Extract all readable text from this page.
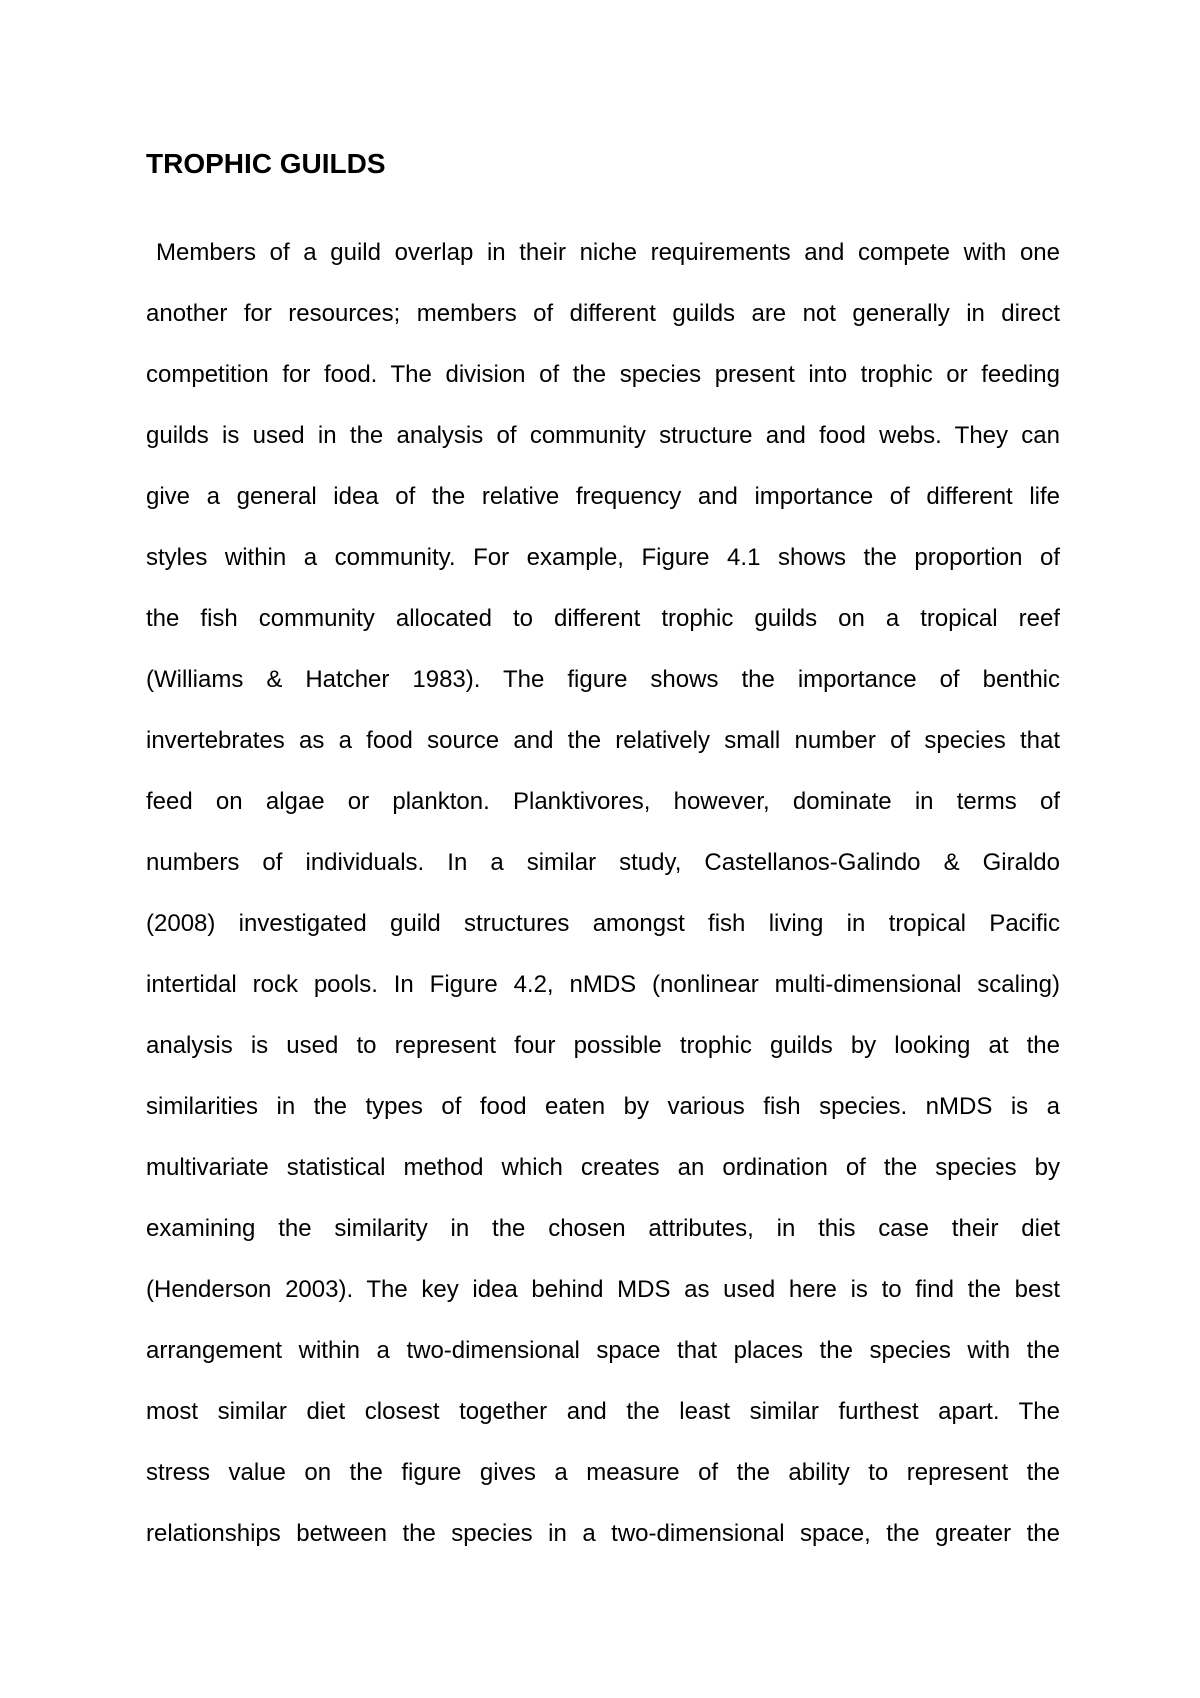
TROPHIC GUILDS

Members of a guild overlap in their niche requirements and compete with one

another for resources; members of different guilds are not generally in direct

competition for food. The division of the species present into trophic or feeding

guilds is used in the analysis of community structure and food webs. They can

give a general idea of the relative frequency and importance of different life

styles within a community. For example, Figure 4.1 shows the proportion of

the fish community allocated to different trophic guilds on a tropical reef

(Williams & Hatcher 1983). The figure shows the importance of benthic

invertebrates as a food source and the relatively small number of species that

feed on algae or plankton. Planktivores, however, dominate in terms of

numbers of individuals. In a similar study, Castellanos-Galindo & Giraldo

(2008) investigated guild structures amongst fish living in tropical Pacific

intertidal rock pools. In Figure 4.2, nMDS (nonlinear multi-dimensional scaling)

analysis is used to represent four possible trophic guilds by looking at the

similarities in the types of food eaten by various fish species. nMDS is a

multivariate statistical method which creates an ordination of the species by

examining the similarity in the chosen attributes, in this case their diet

(Henderson 2003). The key idea behind MDS as used here is to find the best

arrangement within a two-dimensional space that places the species with the

most similar diet closest together and the least similar furthest apart. The

stress value on the figure gives a measure of the ability to represent the

relationships between the species in a two-dimensional space, the greater the
